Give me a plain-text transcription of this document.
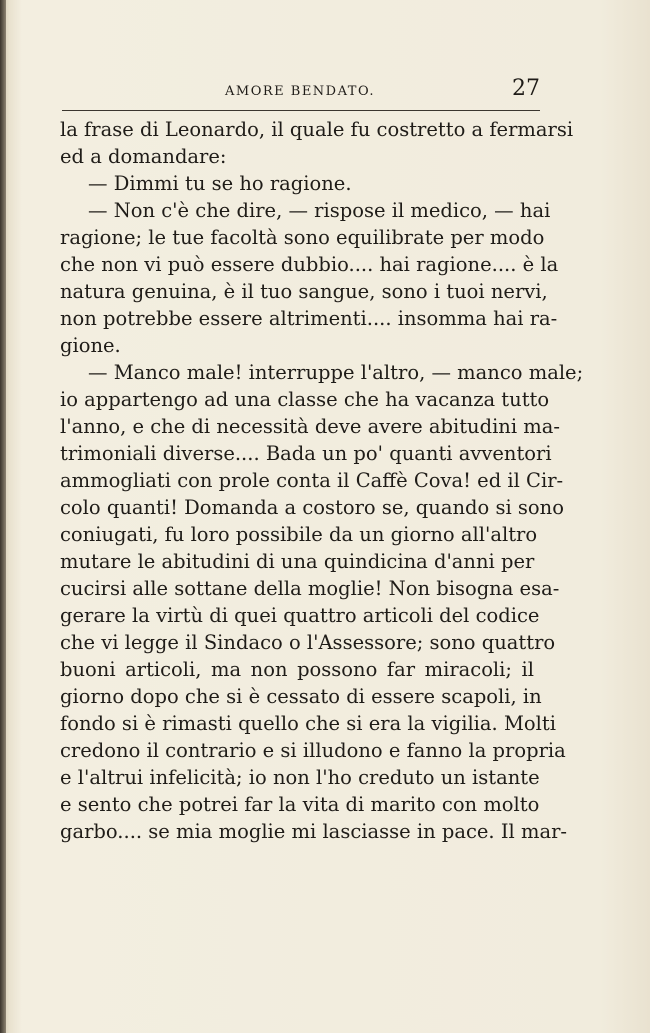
AMORE BENDATO.	27
la frase di Leonardo, il quale fu costretto a fermarsi
ed a domandare:
— Dimmi tu se ho ragione.
— Non c'è che dire, — rispose il medico, — hai
ragione; le tue facoltà sono equilibrate per modo
che non vi può essere dubbio.... hai ragione.... è la
natura genuina, è il tuo sangue, sono i tuoi nervi,
non potrebbe essere altrimenti.... insomma hai ra-
gione.
— Manco male! interruppe l'altro, — manco male;
io appartengo ad una classe che ha vacanza tutto
l'anno, e che di necessità deve avere abitudini ma-
trimoniali diverse.... Bada un po' quanti avventori
ammogliati con prole conta il Caffè Cova! ed il Cir-
colo quanti! Domanda a costoro se, quando si sono
coniugati, fu loro possibile da un giorno all'altro
mutare le abitudini di una quindicina d'anni per
cucirsi alle sottane della moglie! Non bisogna esa-
gerare la virtù di quei quattro articoli del codice
che vi legge il Sindaco o l'Assessore; sono quattro
buoni articoli, ma non possono far miracoli; il
giorno dopo che si è cessato di essere scapoli, in
fondo si è rimasti quello che si era la vigilia. Molti
credono il contrario e si illudono e fanno la propria
e l'altrui infelicità; io non l'ho creduto un istante
e sento che potrei far la vita di marito con molto
garbo.... se mia moglie mi lasciasse in pace. Il mar-
